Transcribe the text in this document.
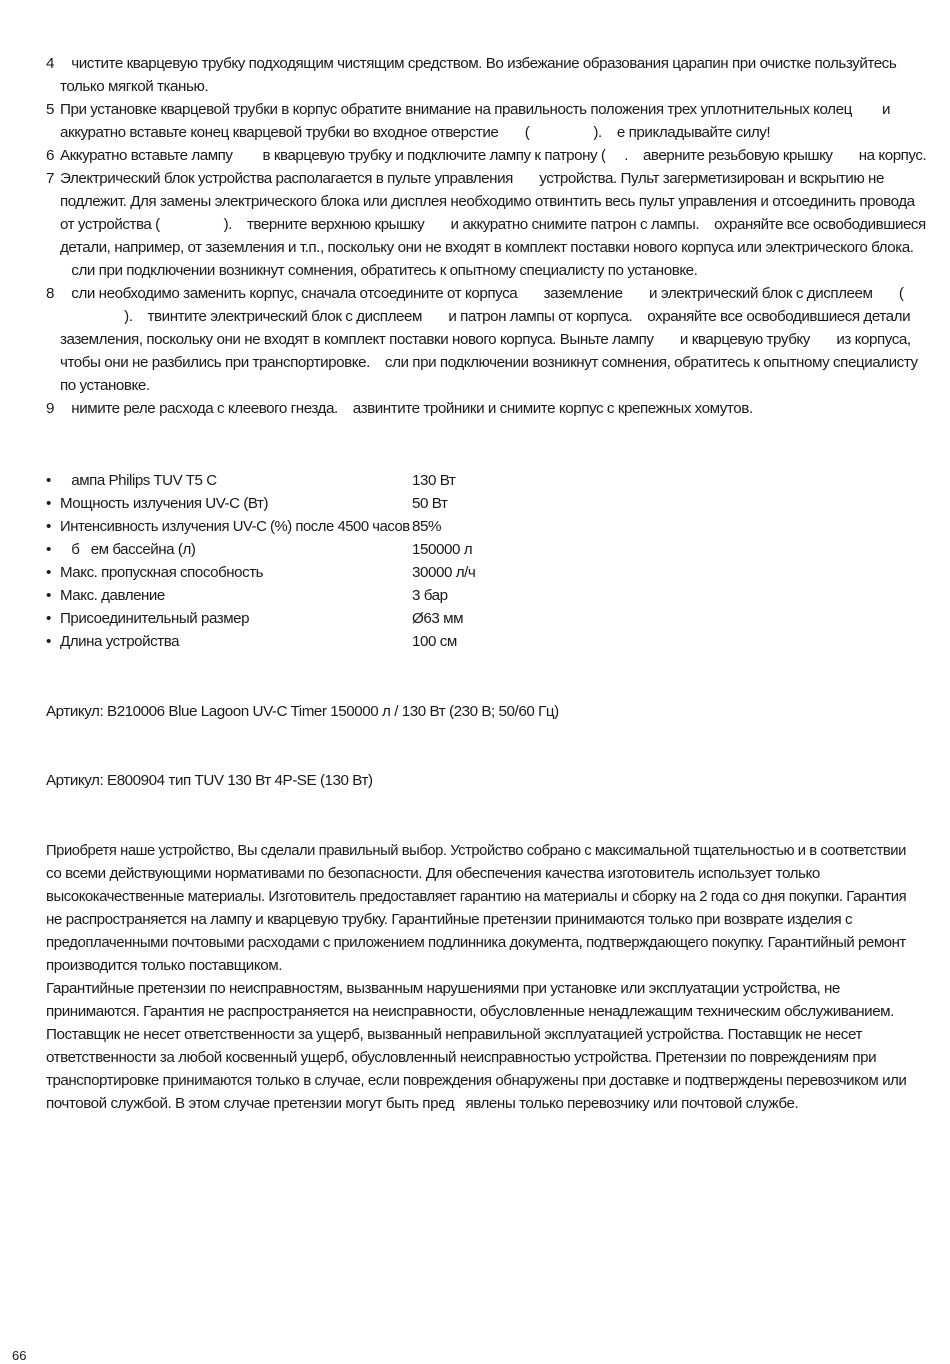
4 чистите кварцевую трубку подходящим чистящим средством. Во избежание образования царапин при очистке пользуйтесь

только мягкой тканью.

5 При установке кварцевой трубки в корпус обратите внимание на правильность положения трех уплотнительных колец        и

аккуратно вставьте конец кварцевой трубки во входное отверстие       (                 ).    е прикладывайте силу!

6 Аккуратно вставьте лампу        в кварцевую трубку и подключите лампу к патрону (     .    аверните резьбовую крышку       на корпус.

7 Электрический блок устройства располагается в пульте управления       устройства. Пульт загерметизирован и вскрытию не

подлежит. Для замены электрического блока или дисплея необходимо отвинтить весь пульт управления и отсоединить провода

от устройства (                 ).    тверните верхнюю крышку       и аккуратно снимите патрон с лампы.    охраняйте все освободившиеся

детали, например, от заземления и т.п., поскольку они не входят в комплект поставки нового корпуса или электрического блока.

сли при подключении возникнут сомнения, обратитесь к опытному специалисту по установке.

8 сли необходимо заменить корпус, сначала отсоедините от корпуса       заземление       и электрический блок с дисплеем       (

).    твинтите электрический блок с дисплеем       и патрон лампы от корпуса.    охраняйте все освободившиеся детали

заземления, поскольку они не входят в комплект поставки нового корпуса. Выньте лампу       и кварцевую трубку       из корпуса,

чтобы они не разбились при транспортировке.    сли при подключении возникнут сомнения, обратитесь к опытному специалисту

по установке.

9 нимите реле расхода с клеевого гнезда.    азвинтите тройники и снимите корпус с крепежных хомутов.

• ампа Philips TUV T5 C	130 Вт
• Мощность излучения UV-C (Вт)	50 Вт
• Интенсивность излучения UV-C (%) после 4500 часов 85%
• б   ем бассейна (л)	150000 л
• Макс. пропускная способность	30000 л/ч
• Макс. давление	3 бар
• Присоединительный размер	Ø63 мм
• Длина устройства	100 см
Артикул: B210006 Blue Lagoon UV-C Timer 150000 л / 130 Вт (230 В; 50/60 Гц)
Артикул: E800904 тип TUV 130 Вт 4P-SE (130 Вт)

Приобретя наше устройство, Вы сделали правильный выбор. Устройство собрано с максимальной тщательностью и в соответствии
со всеми действующими нормативами по безопасности. Для обеспечения качества изготовитель использует только
высококачественные материалы. Изготовитель предоставляет гарантию на материалы и сборку на 2 года со дня покупки. Гарантия
не распространяется на лампу и кварцевую трубку. Гарантийные претензии принимаются только при возврате изделия с
предоплаченными почтовыми расходами с приложением подлинника документа, подтверждающего покупку. Гарантийный ремонт
производится только поставщиком.

Гарантийные претензии по неисправностям, вызванным нарушениями при установке или эксплуатации устройства, не
принимаются. Гарантия не распространяется на неисправности, обусловленные ненадлежащим техническим обслуживанием.
Поставщик не несет ответственности за ущерб, вызванный неправильной эксплуатацией устройства. Поставщик не несет
ответственности за любой косвенный ущерб, обусловленный неисправностью устройства. Претензии по повреждениям при
транспортировке принимаются только в случае, если повреждения обнаружены при доставке и подтверждены перевозчиком или
почтовой службой. В этом случае претензии могут быть пред   явлены только перевозчику или почтовой службе.

66
